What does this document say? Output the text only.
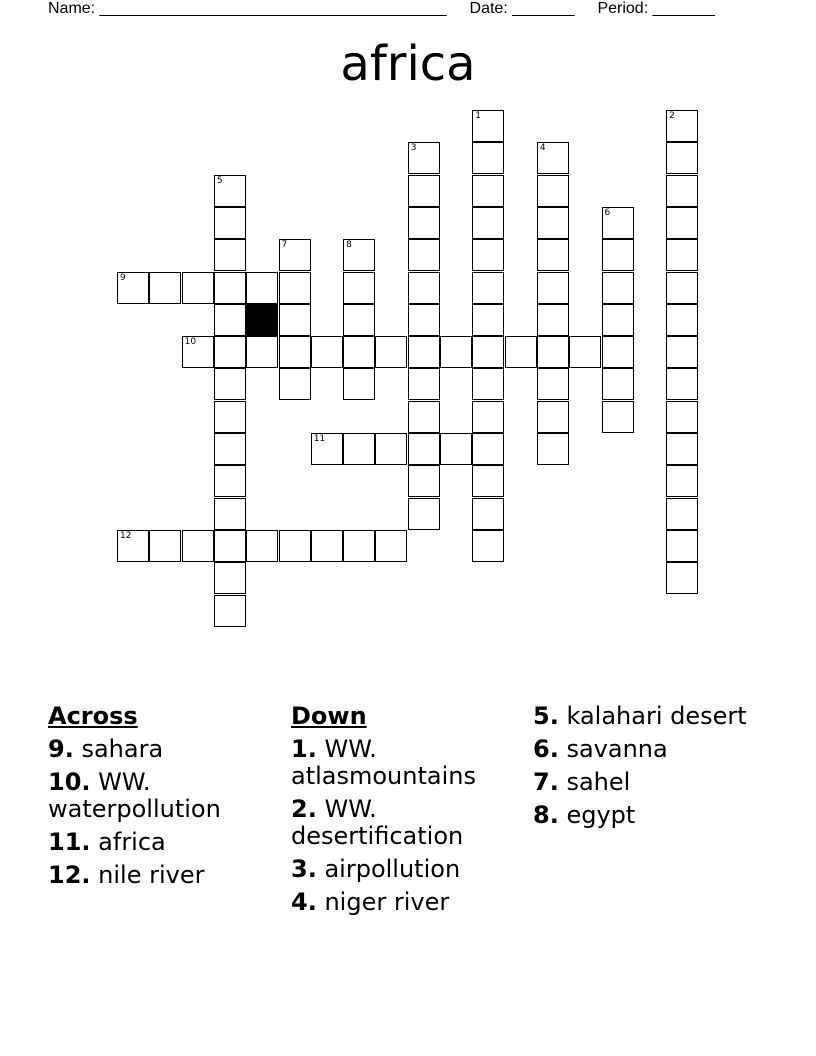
Name: _______________________________________ Date: _______ Period: _______
africa
1	2
3	4
5
6
7	8
9
10
11
12
Across
9. sahara
10. WW. waterpollution
11. africa
12. nile river
Down
1. WW. atlasmountains
2. WW. desertification
3. airpollution
4. niger river
5. kalahari desert
6. savanna
7. sahel
8. egypt
